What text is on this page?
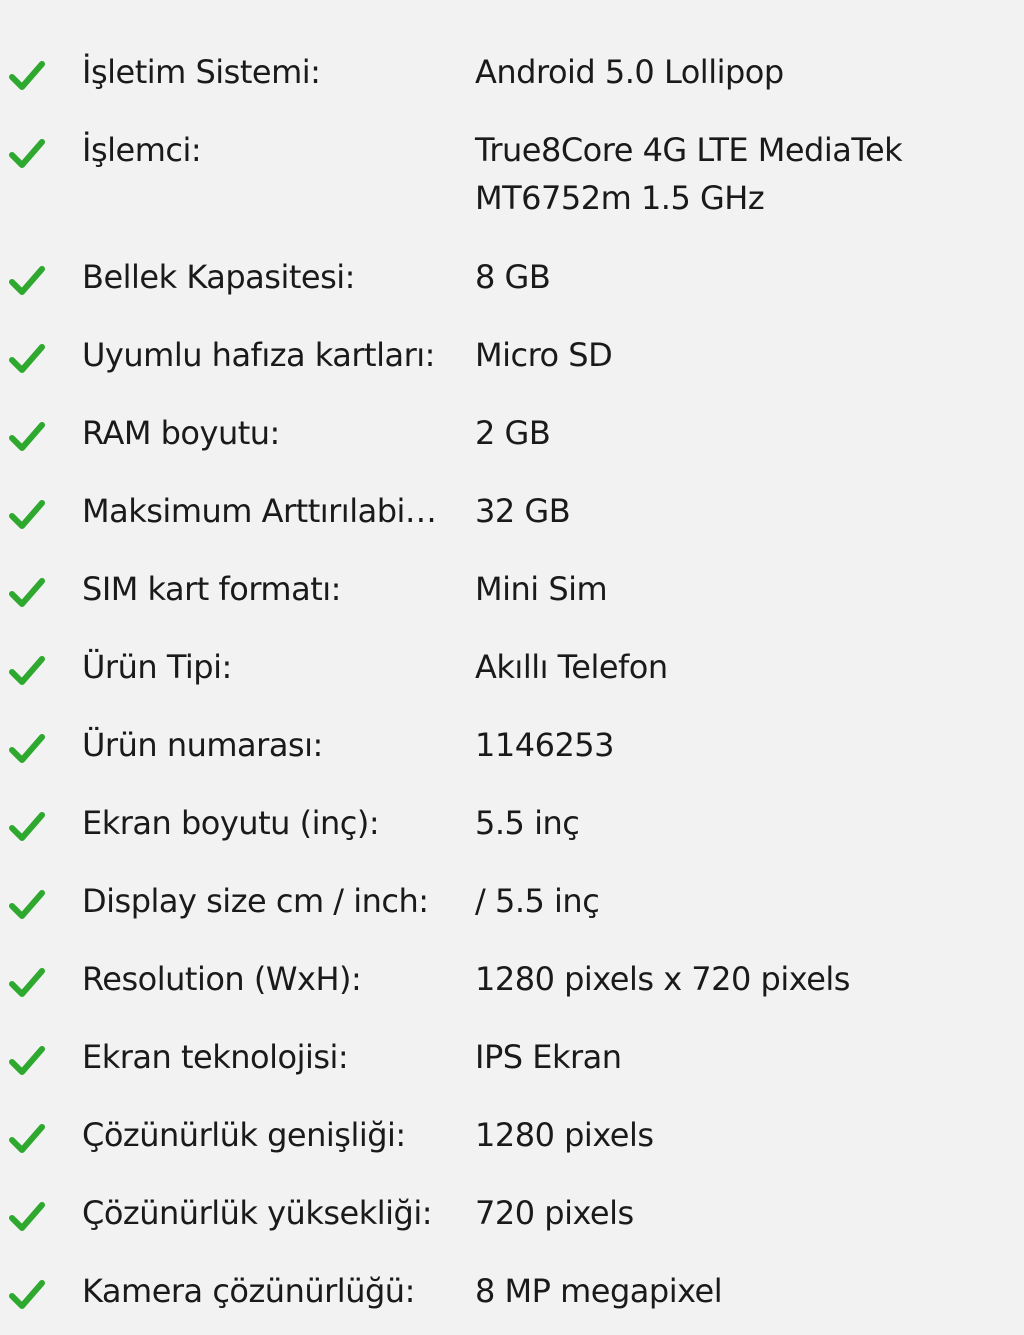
İşletim Sistemi:	Android 5.0 Lollipop
İşlemci:	True8Core 4G LTE MediaTek MT6752m 1.5 GHz
Bellek Kapasitesi:	8 GB
Uyumlu hafıza kartları: Micro SD
RAM boyutu:	2 GB
Maksimum Arttırılabil...	32 GB
SIM kart formatı:	Mini Sim
Ürün Tipi:	Akıllı Telefon
Ürün numarası:	1146253
Ekran boyutu (inç):	5.5 inç
Display size cm / inch:	/ 5.5 inç
Resolution (WxH):	1280 pixels x 720 pixels
Ekran teknolojisi:	IPS Ekran
Çözünürlük genişliği:	1280 pixels
Çözünürlük yüksekliği:	720 pixels
Kamera çözünürlüğü:	8 MP megapixel
